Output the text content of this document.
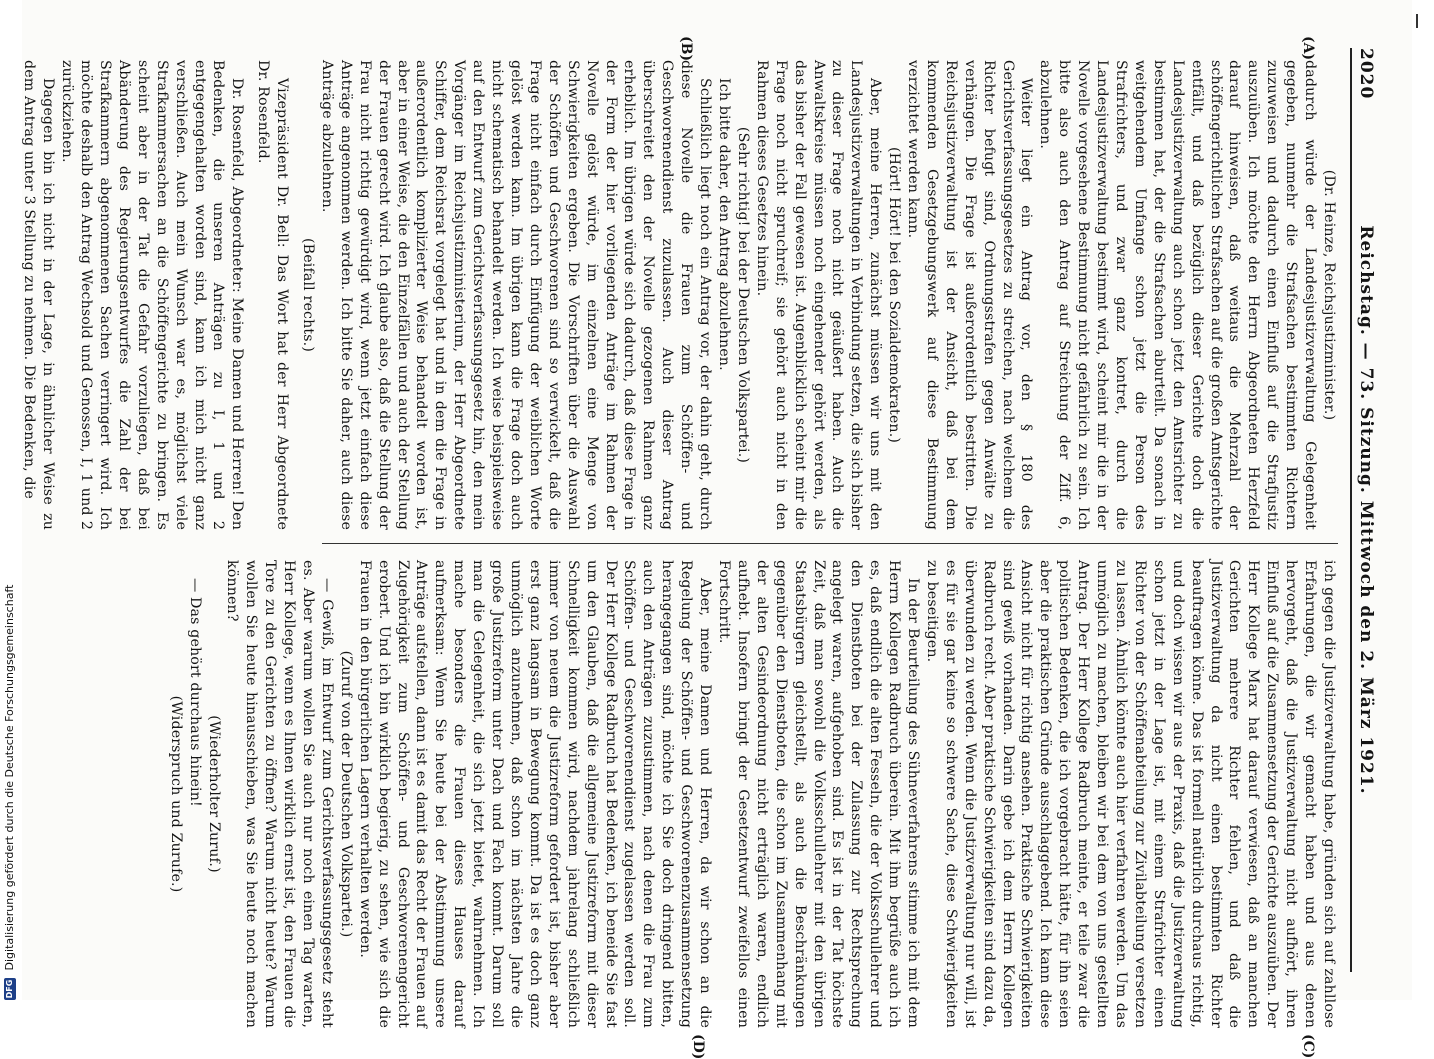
2020
Reichstag. — 73. Sitzung. Mittwoch den 2. März 1921.
(A)
(B)
(C)
(D)

(Dr. Heinze, Reichsjustizminister.)

dadurch würde der Landesjustizverwaltung Gelegenheit gegeben, nunmehr die Strafsachen bestimmten Richtern zuzuweisen und dadurch einen Einfluß auf die Strafjustiz auszuüben. Ich möchte den Herrn Abgeordneten Herzfeld darauf hinweisen, daß weitaus die Mehrzahl der schöffengerichtlichen Strafsachen auf die großen Amtsgerichte entfällt, und daß bezüglich dieser Gerichte doch die Landesjustizverwaltung auch schon jetzt den Amtsrichter zu bestimmen hat, der die Strafsachen aburteilt. Da sonach in weitgehendem Umfange schon jetzt die Person des Strafrichters, und zwar ganz kontret, durch die Landesjustizverwaltung bestimmt wird, scheint mir die in der Novelle vorgesehene Bestimmung nicht gefährlich zu sein. Ich bitte also auch den Antrag auf Streichung der Ziff. 6, abzulehnen.

Weiter liegt ein Antrag vor, den § 180 des Gerichtsverfassungsgesetzes zu streichen, nach welchem die Richter befugt sind, Ordnungsstrafen gegen Anwälte zu verhängen. Die Frage ist außerordentlich bestritten. Die Reichsjustizverwaltung ist der Ansicht, daß bei dem kommenden Gesetzgebungswerk auf diese Bestimmung verzichtet werden kann.

(Hört! Hört! bei den Sozialdemokraten.)

Aber, meine Herren, zunächst müssen wir uns mit den Landesjustizverwaltungen in Verbindung setzen, die sich bisher zu dieser Frage noch nicht geäußert haben. Auch die Anwaltskreise müssen noch eingehender gehört werden, als das bisher der Fall gewesen ist. Augenblicklich scheint mir die Frage noch nicht spruchreif; sie gehört auch nicht in den Rahmen dieses Gesetzes hinein.

(Sehr richtig! bei der Deutschen Volkspartei.)

Ich bitte daher, den Antrag abzulehnen.

Schließlich liegt noch ein Antrag vor, der dahin geht, durch diese Novelle die Frauen zum Schöffen- und Geschworenendienst zuzulassen. Auch dieser Antrag überschreitet den der Novelle gezogenen Rahmen ganz erheblich. Im übrigen würde sich dadurch, daß diese Frage in der Form der hier vorliegenden Anträge im Rahmen der Novelle gelöst würde, im einzelnen eine Menge von Schwierigkeiten ergeben. Die Vorschriften über die Auswahl der Schöffen und Geschworenen sind so verwickelt, daß die Frage nicht einfach durch Einfügung der weiblichen Worte gelöst werden kann. Im übrigen kann die Frage doch auch nicht schematisch behandelt werden. Ich weise beispielsweise auf den Entwurf zum Gerichtsverfassungsgesetz hin, den mein Vorgänger im Reichsjustizministerium, der Herr Abgeordnete Schiffer, dem Reichsrat vorgelegt hat und in dem die Frage in außerordentlich komplizierter Weise behandelt worden ist, aber in einer Weise, die den Einzelfällen und auch der Stellung der Frauen gerecht wird. Ich glaube also, daß die Stellung der Frau nicht richtig gewürdigt wird, wenn jetzt einfach diese Anträge angenommen werden. Ich bitte Sie daher, auch diese Anträge abzulehnen.

(Beifall rechts.)

Vizepräsident Dr. Bell: Das Wort hat der Herr Abgeordnete Dr. Rosenfeld.

Dr. Rosenfeld, Abgeordneter: Meine Damen und Herren! Den Bedenken, die unseren Anträgen zu I, 1 und 2 entgegengehalten worden sind, kann ich mich nicht ganz verschließen. Auch mein Wunsch war es, möglichst viele Strafkammersachen an die Schöffengerichte zu bringen. Es scheint aber in der Tat die Gefahr vorzuliegen, daß bei Abänderung des Regierungsentwurfes die Zahl der bei Strafkammern abgenommenen Sachen verringert wird. Ich möchte deshalb den Antrag Wechsold und Genossen, I, 1 und 2 zurückziehen.

Dagegen bin ich nicht in der Lage, in ähnlicher Weise zu dem Antrag unter 3 Stellung zu nehmen. Die Bedenken, die

ich gegen die Justizverwaltung habe, gründen sich auf zahllose Erfahrungen, die wir gemacht haben und aus denen hervorgeht, daß die Justizverwaltung nicht aufhört, ihren Einfluß auf die Zusammensetzung der Gerichte auszuüben. Der Herr Kollege Marx hat darauf verwiesen, daß an manchen Gerichten mehrere Richter fehlen, und daß die Justizverwaltung da nicht einen bestimmten Richter beauftragen könne. Das ist formell natürlich durchaus richtig, und doch wissen wir aus der Praxis, daß die Justizverwaltung schon jetzt in der Lage ist, mit einem Strafrichter einen Richter von der Schöffenabteilung zur Zivilabteilung versetzen zu lassen. Ähnlich könnte auch hier verfahren werden. Um das unmöglich zu machen, bleiben wir bei dem von uns gestellten Antrag. Der Herr Kollege Radbruch meinte, er teile zwar die politischen Bedenken, die ich vorgebracht hätte, für ihn seien aber die praktischen Gründe ausschlaggebend. Ich kann diese Ansicht nicht für richtig ansehen. Praktische Schwierigkeiten sind gewiß vorhanden. Darin gebe ich dem Herrn Kollegen Radbruch recht. Aber praktische Schwierigkeiten sind dazu da, überwunden zu werden. Wenn die Justizverwaltung nur will, ist es für sie gar keine so schwere Sache, diese Schwierigkeiten zu beseitigen.

In der Beurteilung des Sühneverfahrens stimme ich mit dem Herrn Kollegen Radbruch überein. Mit ihm begrüße auch ich es, daß endlich die alten Fesseln, die der Volksschullehrer und den Dienstboten bei der Zulassung zur Rechtsprechung angelegt waren, aufgehoben sind. Es ist in der Tat höchste Zeit, daß man sowohl die Volksschullehrer mit den übrigen Staatsbürgern gleichstellt, als auch die Beschränkungen gegenüber den Dienstboten, die schon im Zusammenhang mit der alten Gesindeordnung nicht erträglich waren, endlich aufhebt. Insofern bringt der Gesetzentwurf zweifellos einen Fortschritt.

Aber, meine Damen und Herren, da wir schon an die Regelung der Schöffen- und Geschworenenzusammensetzung herangegangen sind, möchte ich Sie doch dringend bitten, auch den Anträgen zuzustimmen, nach denen die Frau zum Schöffen- und Geschworenendienst zugelassen werden soll. Der Herr Kollege Radbruch hat Bedenken, ich beneide Sie fast um den Glauben, daß die allgemeine Justizreform mit dieser Schnelligkeit kommen wird, nachdem jahrelang schließlich immer von neuem die Justizreform gefordert ist, bisher aber erst ganz langsam in Bewegung kommt. Da ist es doch ganz unmöglich anzunehmen, daß schon im nächsten Jahre die große Justizreform unter Dach und Fach kommt. Darum soll man die Gelegenheit, die sich jetzt bietet, wahrnehmen. Ich mache besonders die Frauen dieses Hauses darauf aufmerksam: Wenn Sie heute bei der Abstimmung unsere Anträge aufstellen, dann ist es damit das Recht der Frauen auf Zugehörigkeit zum Schöffen- und Geschworenengericht erobert. Und ich bin wirklich begierig, zu sehen, wie sich die Frauen in den bürgerlichen Lagern verhalten werden.

(Zuruf von der Deutschen Volkspartei.)

— Gewiß, im Entwurf zum Gerichtsverfassungsgesetz steht es. Aber warum wollen Sie auch nur noch einen Tag warten, Herr Kollege, wenn es Ihnen wirklich ernst ist, den Frauen die Tore zu den Gerichten zu öffnen? Warum nicht heute? Warum wollen Sie heute hinausschieben, was Sie heute noch machen können?

(Wiederholter Zuruf.)

— Das gehört durchaus hinein!

(Widerspruch und Zurufe.)

DFG Digitalisierung gefördert durch die Deutsche Forschungsgemeinschaft
